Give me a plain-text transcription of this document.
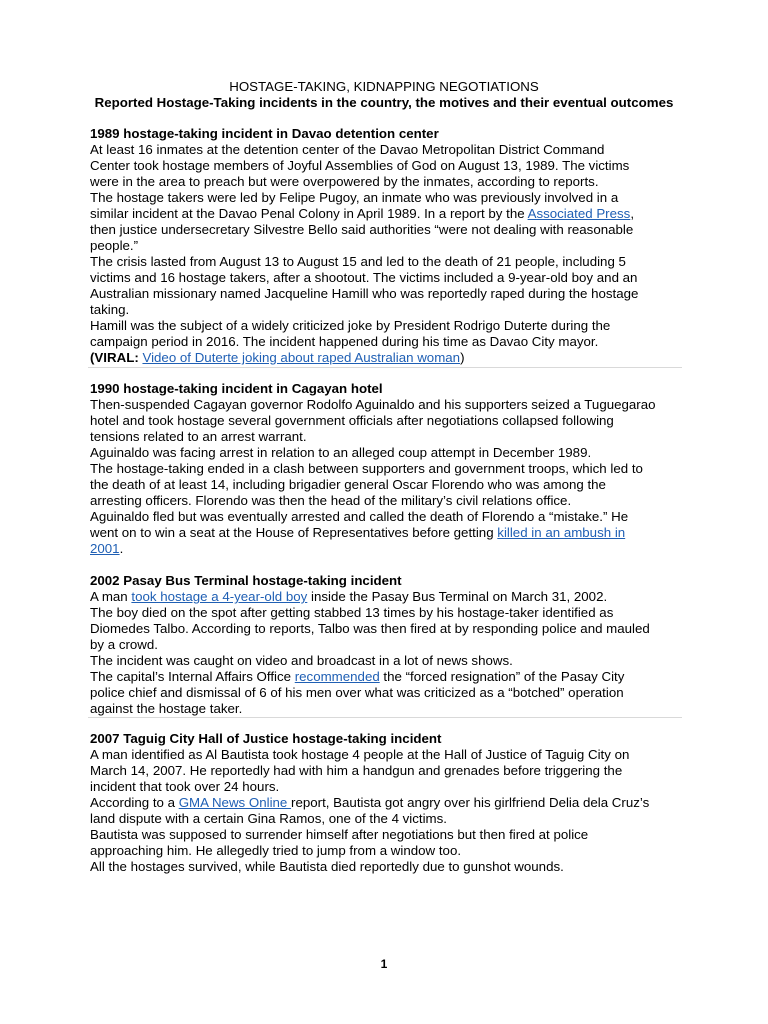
HOSTAGE-TAKING, KIDNAPPING NEGOTIATIONS
Reported Hostage-Taking incidents in the country, the motives and their eventual outcomes
1989 hostage-taking incident in Davao detention center
At least 16 inmates at the detention center of the Davao Metropolitan District Command
Center took hostage members of Joyful Assemblies of God on August 13, 1989. The victims
were in the area to preach but were overpowered by the inmates, according to reports.
The hostage takers were led by Felipe Pugoy, an inmate who was previously involved in a
similar incident at the Davao Penal Colony in April 1989. In a report by the Associated Press,
then justice undersecretary Silvestre Bello said authorities “were not dealing with reasonable
people.”
The crisis lasted from August 13 to August 15 and led to the death of 21 people, including 5
victims and 16 hostage takers, after a shootout. The victims included a 9-year-old boy and an
Australian missionary named Jacqueline Hamill who was reportedly raped during the hostage
taking.
Hamill was the subject of a widely criticized joke by President Rodrigo Duterte during the
campaign period in 2016. The incident happened during his time as Davao City mayor.
(VIRAL: Video of Duterte joking about raped Australian woman)
1990 hostage-taking incident in Cagayan hotel
Then-suspended Cagayan governor Rodolfo Aguinaldo and his supporters seized a Tuguegarao
hotel and took hostage several government officials after negotiations collapsed following
tensions related to an arrest warrant.
Aguinaldo was facing arrest in relation to an alleged coup attempt in December 1989.
The hostage-taking ended in a clash between supporters and government troops, which led to
the death of at least 14, including brigadier general Oscar Florendo who was among the
arresting officers. Florendo was then the head of the military’s civil relations office.
Aguinaldo fled but was eventually arrested and called the death of Florendo a “mistake.” He
went on to win a seat at the House of Representatives before getting killed in an ambush in
2001.
2002 Pasay Bus Terminal hostage-taking incident
A man took hostage a 4-year-old boy inside the Pasay Bus Terminal on March 31, 2002.
The boy died on the spot after getting stabbed 13 times by his hostage-taker identified as
Diomedes Talbo. According to reports, Talbo was then fired at by responding police and mauled
by a crowd.
The incident was caught on video and broadcast in a lot of news shows.
The capital’s Internal Affairs Office recommended the “forced resignation” of the Pasay City
police chief and dismissal of 6 of his men over what was criticized as a “botched” operation
against the hostage taker.
2007 Taguig City Hall of Justice hostage-taking incident
A man identified as Al Bautista took hostage 4 people at the Hall of Justice of Taguig City on
March 14, 2007. He reportedly had with him a handgun and grenades before triggering the
incident that took over 24 hours.
According to a GMA News Online report, Bautista got angry over his girlfriend Delia dela Cruz’s
land dispute with a certain Gina Ramos, one of the 4 victims.
Bautista was supposed to surrender himself after negotiations but then fired at police
approaching him. He allegedly tried to jump from a window too.
All the hostages survived, while Bautista died reportedly due to gunshot wounds.
1
